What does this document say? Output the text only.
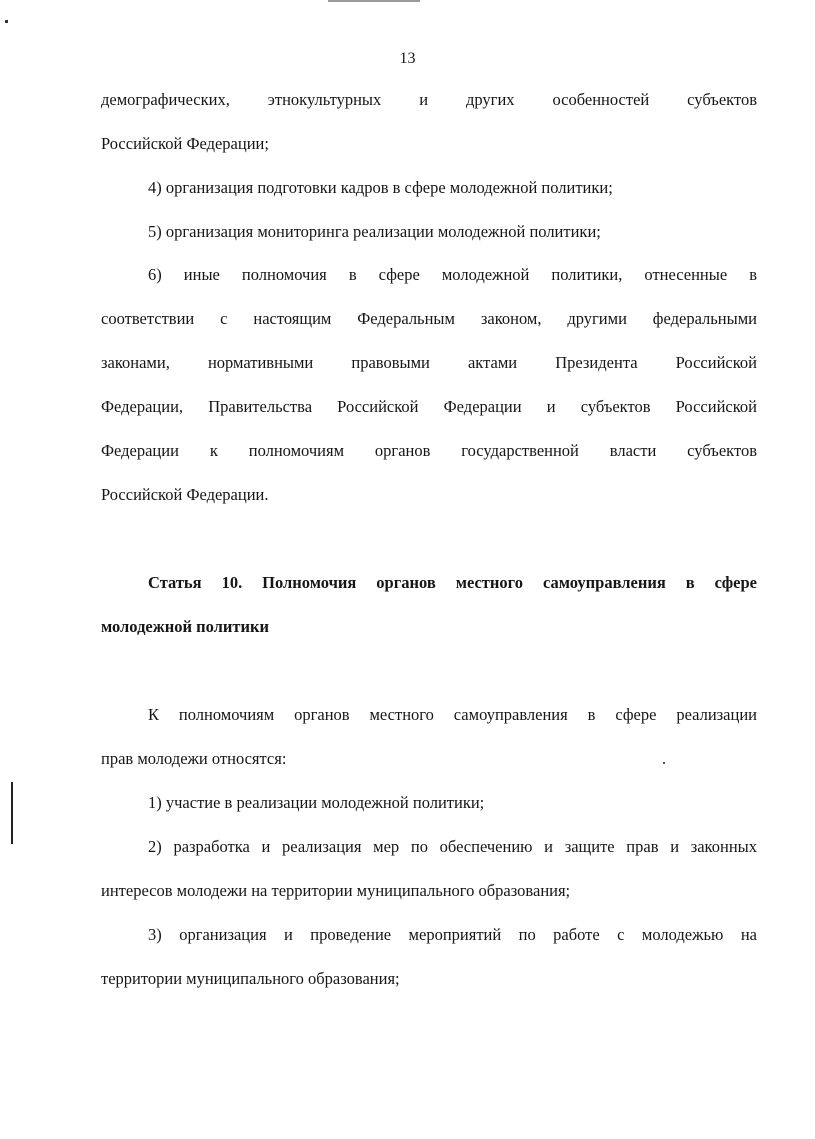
13
демографических, этнокультурных и других особенностей субъектов
Российской Федерации;
4) организация подготовки кадров в сфере молодежной политики;
5) организация мониторинга реализации молодежной политики;
6) иные полномочия в сфере молодежной политики, отнесенные в
соответствии с настоящим Федеральным законом, другими федеральными
законами, нормативными правовыми актами Президента Российской
Федерации, Правительства Российской Федерации и субъектов Российской
Федерации к полномочиям органов государственной власти субъектов
Российской Федерации.
Статья 10. Полномочия органов местного самоуправления в сфере
молодежной политики
К полномочиям органов местного самоуправления в сфере реализации
прав молодежи относятся:
1) участие в реализации молодежной политики;
2) разработка и реализация мер по обеспечению и защите прав и законных
интересов молодежи на территории муниципального образования;
3) организация и проведение мероприятий по работе с молодежью на
территории муниципального образования;
